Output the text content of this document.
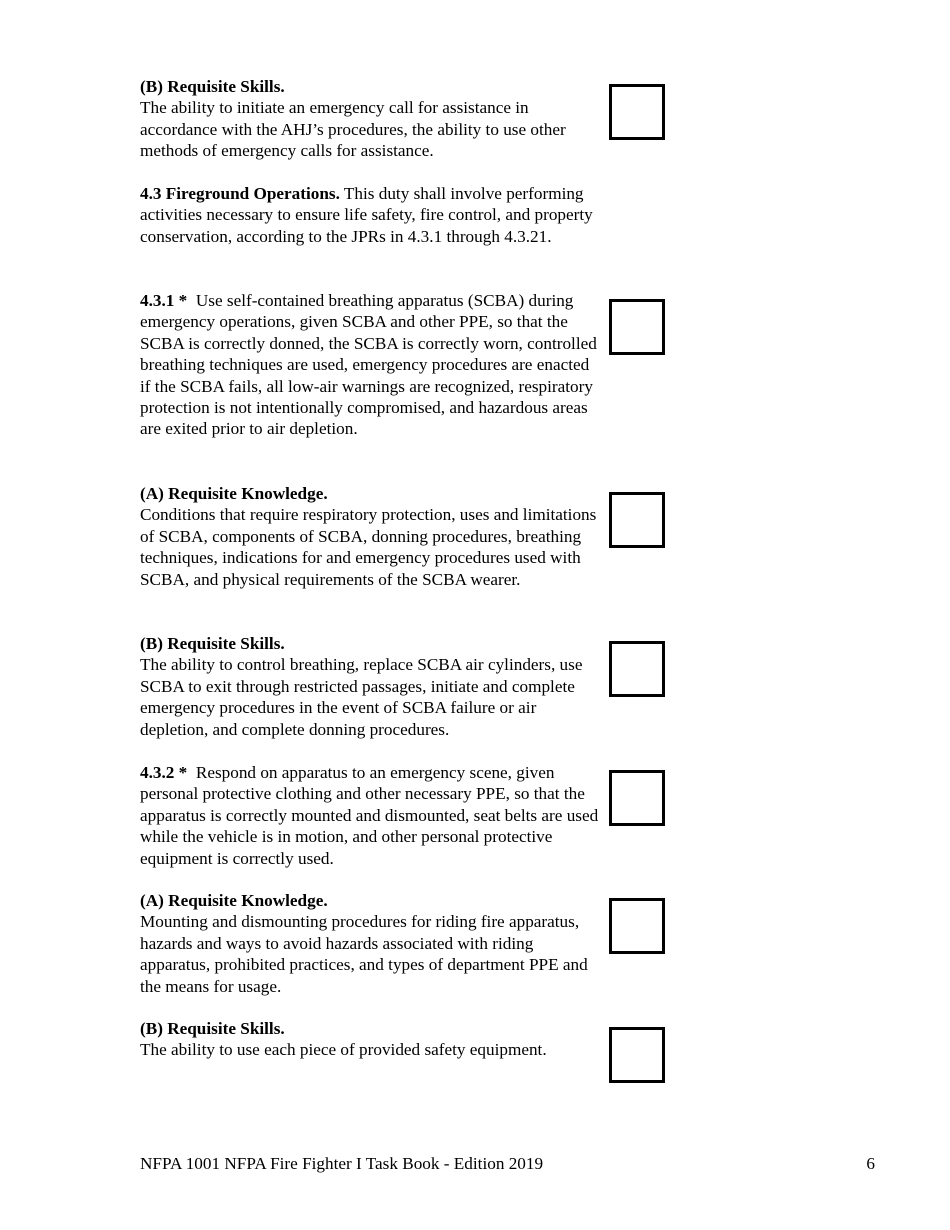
(B) Requisite Skills.

The ability to initiate an emergency call for assistance in accordance with the AHJ’s procedures, the ability to use other methods of emergency calls for assistance.

4.3 Fireground Operations. This duty shall involve performing activities necessary to ensure life safety, fire control, and property conservation, according to the JPRs in 4.3.1 through 4.3.21.

4.3.1 *  Use self-contained breathing apparatus (SCBA) during emergency operations, given SCBA and other PPE, so that the SCBA is correctly donned, the SCBA is correctly worn, controlled breathing techniques are used, emergency procedures are enacted if the SCBA fails, all low-air warnings are recognized, respiratory protection is not intentionally compromised, and hazardous areas are exited prior to air depletion.

(A) Requisite Knowledge.

Conditions that require respiratory protection, uses and limitations of SCBA, components of SCBA, donning procedures, breathing techniques, indications for and emergency procedures used with SCBA, and physical requirements of the SCBA wearer.

(B) Requisite Skills.

The ability to control breathing, replace SCBA air cylinders, use SCBA to exit through restricted passages, initiate and complete emergency procedures in the event of SCBA failure or air depletion, and complete donning procedures.

4.3.2 *  Respond on apparatus to an emergency scene, given personal protective clothing and other necessary PPE, so that the apparatus is correctly mounted and dismounted, seat belts are used while the vehicle is in motion, and other personal protective equipment is correctly used.

(A) Requisite Knowledge.

Mounting and dismounting procedures for riding fire apparatus, hazards and ways to avoid hazards associated with riding apparatus, prohibited practices, and types of department PPE and the means for usage.

(B) Requisite Skills.

The ability to use each piece of provided safety equipment.

NFPA 1001 NFPA Fire Fighter I Task Book - Edition 2019	6
